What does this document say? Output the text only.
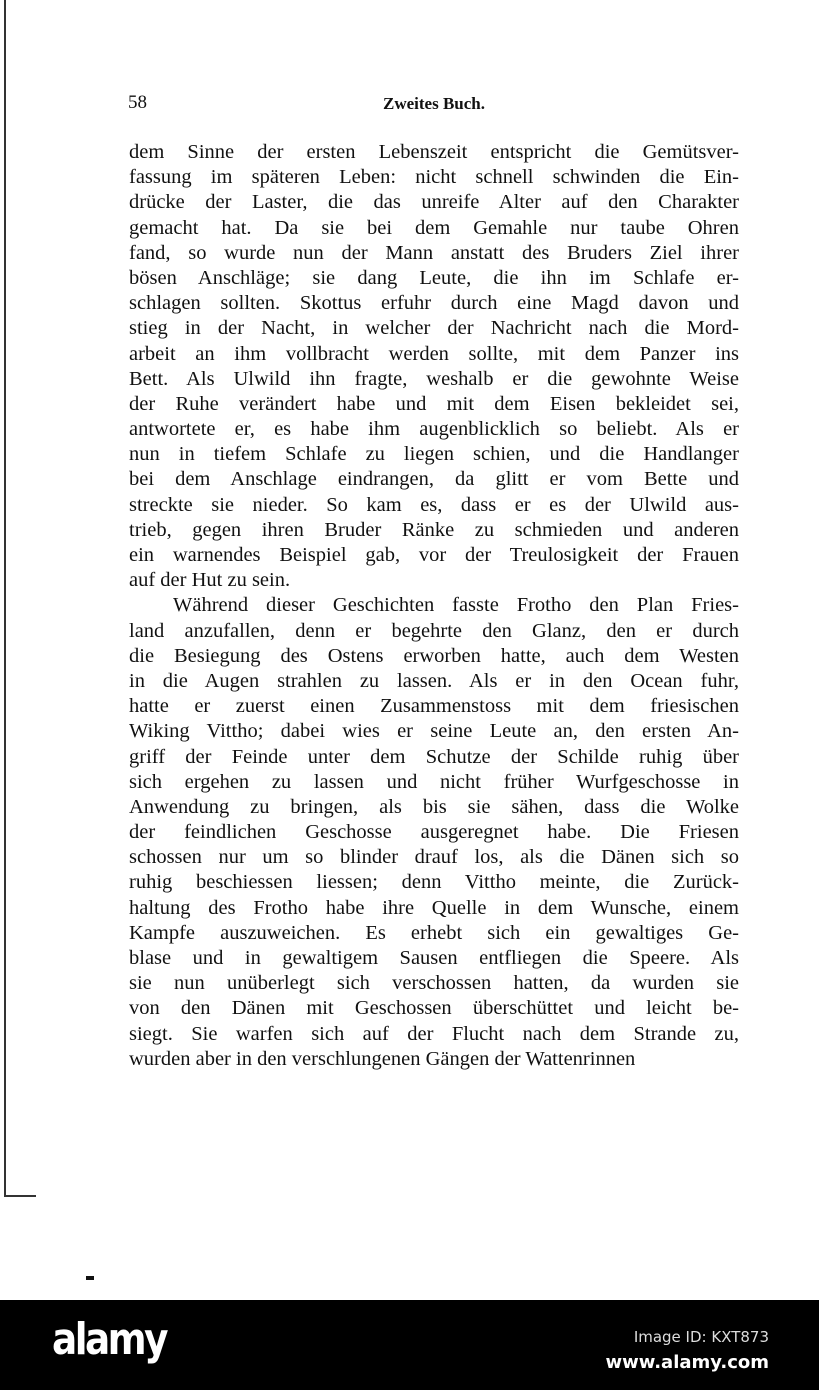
58	Zweites Buch.
dem Sinne der ersten Lebenszeit entspricht die Gemütsver-
fassung im späteren Leben: nicht schnell schwinden die Ein-
drücke der Laster, die das unreife Alter auf den Charakter
gemacht hat. Da sie bei dem Gemahle nur taube Ohren
fand, so wurde nun der Mann anstatt des Bruders Ziel ihrer
bösen Anschläge; sie dang Leute, die ihn im Schlafe er-
schlagen sollten. Skottus erfuhr durch eine Magd davon und
stieg in der Nacht, in welcher der Nachricht nach die Mord-
arbeit an ihm vollbracht werden sollte, mit dem Panzer ins
Bett. Als Ulwild ihn fragte, weshalb er die gewohnte Weise
der Ruhe verändert habe und mit dem Eisen bekleidet sei,
antwortete er, es habe ihm augenblicklich so beliebt. Als er
nun in tiefem Schlafe zu liegen schien, und die Handlanger
bei dem Anschlage eindrangen, da glitt er vom Bette und
streckte sie nieder. So kam es, dass er es der Ulwild aus-
trieb, gegen ihren Bruder Ränke zu schmieden und anderen
ein warnendes Beispiel gab, vor der Treulosigkeit der Frauen
auf der Hut zu sein.
Während dieser Geschichten fasste Frotho den Plan Fries-
land anzufallen, denn er begehrte den Glanz, den er durch
die Besiegung des Ostens erworben hatte, auch dem Westen
in die Augen strahlen zu lassen. Als er in den Ocean fuhr,
hatte er zuerst einen Zusammenstoss mit dem friesischen
Wiking Vittho; dabei wies er seine Leute an, den ersten An-
griff der Feinde unter dem Schutze der Schilde ruhig über
sich ergehen zu lassen und nicht früher Wurfgeschosse in
Anwendung zu bringen, als bis sie sähen, dass die Wolke
der feindlichen Geschosse ausgeregnet habe. Die Friesen
schossen nur um so blinder drauf los, als die Dänen sich so
ruhig beschiessen liessen; denn Vittho meinte, die Zurück-
haltung des Frotho habe ihre Quelle in dem Wunsche, einem
Kampfe auszuweichen. Es erhebt sich ein gewaltiges Ge-
blase und in gewaltigem Sausen entfliegen die Speere. Als
sie nun unüberlegt sich verschossen hatten, da wurden sie
von den Dänen mit Geschossen überschüttet und leicht be-
siegt. Sie warfen sich auf der Flucht nach dem Strande zu,
wurden aber in den verschlungenen Gängen der Wattenrinnen
alamy	Image ID: KXT873
www.alamy.com
